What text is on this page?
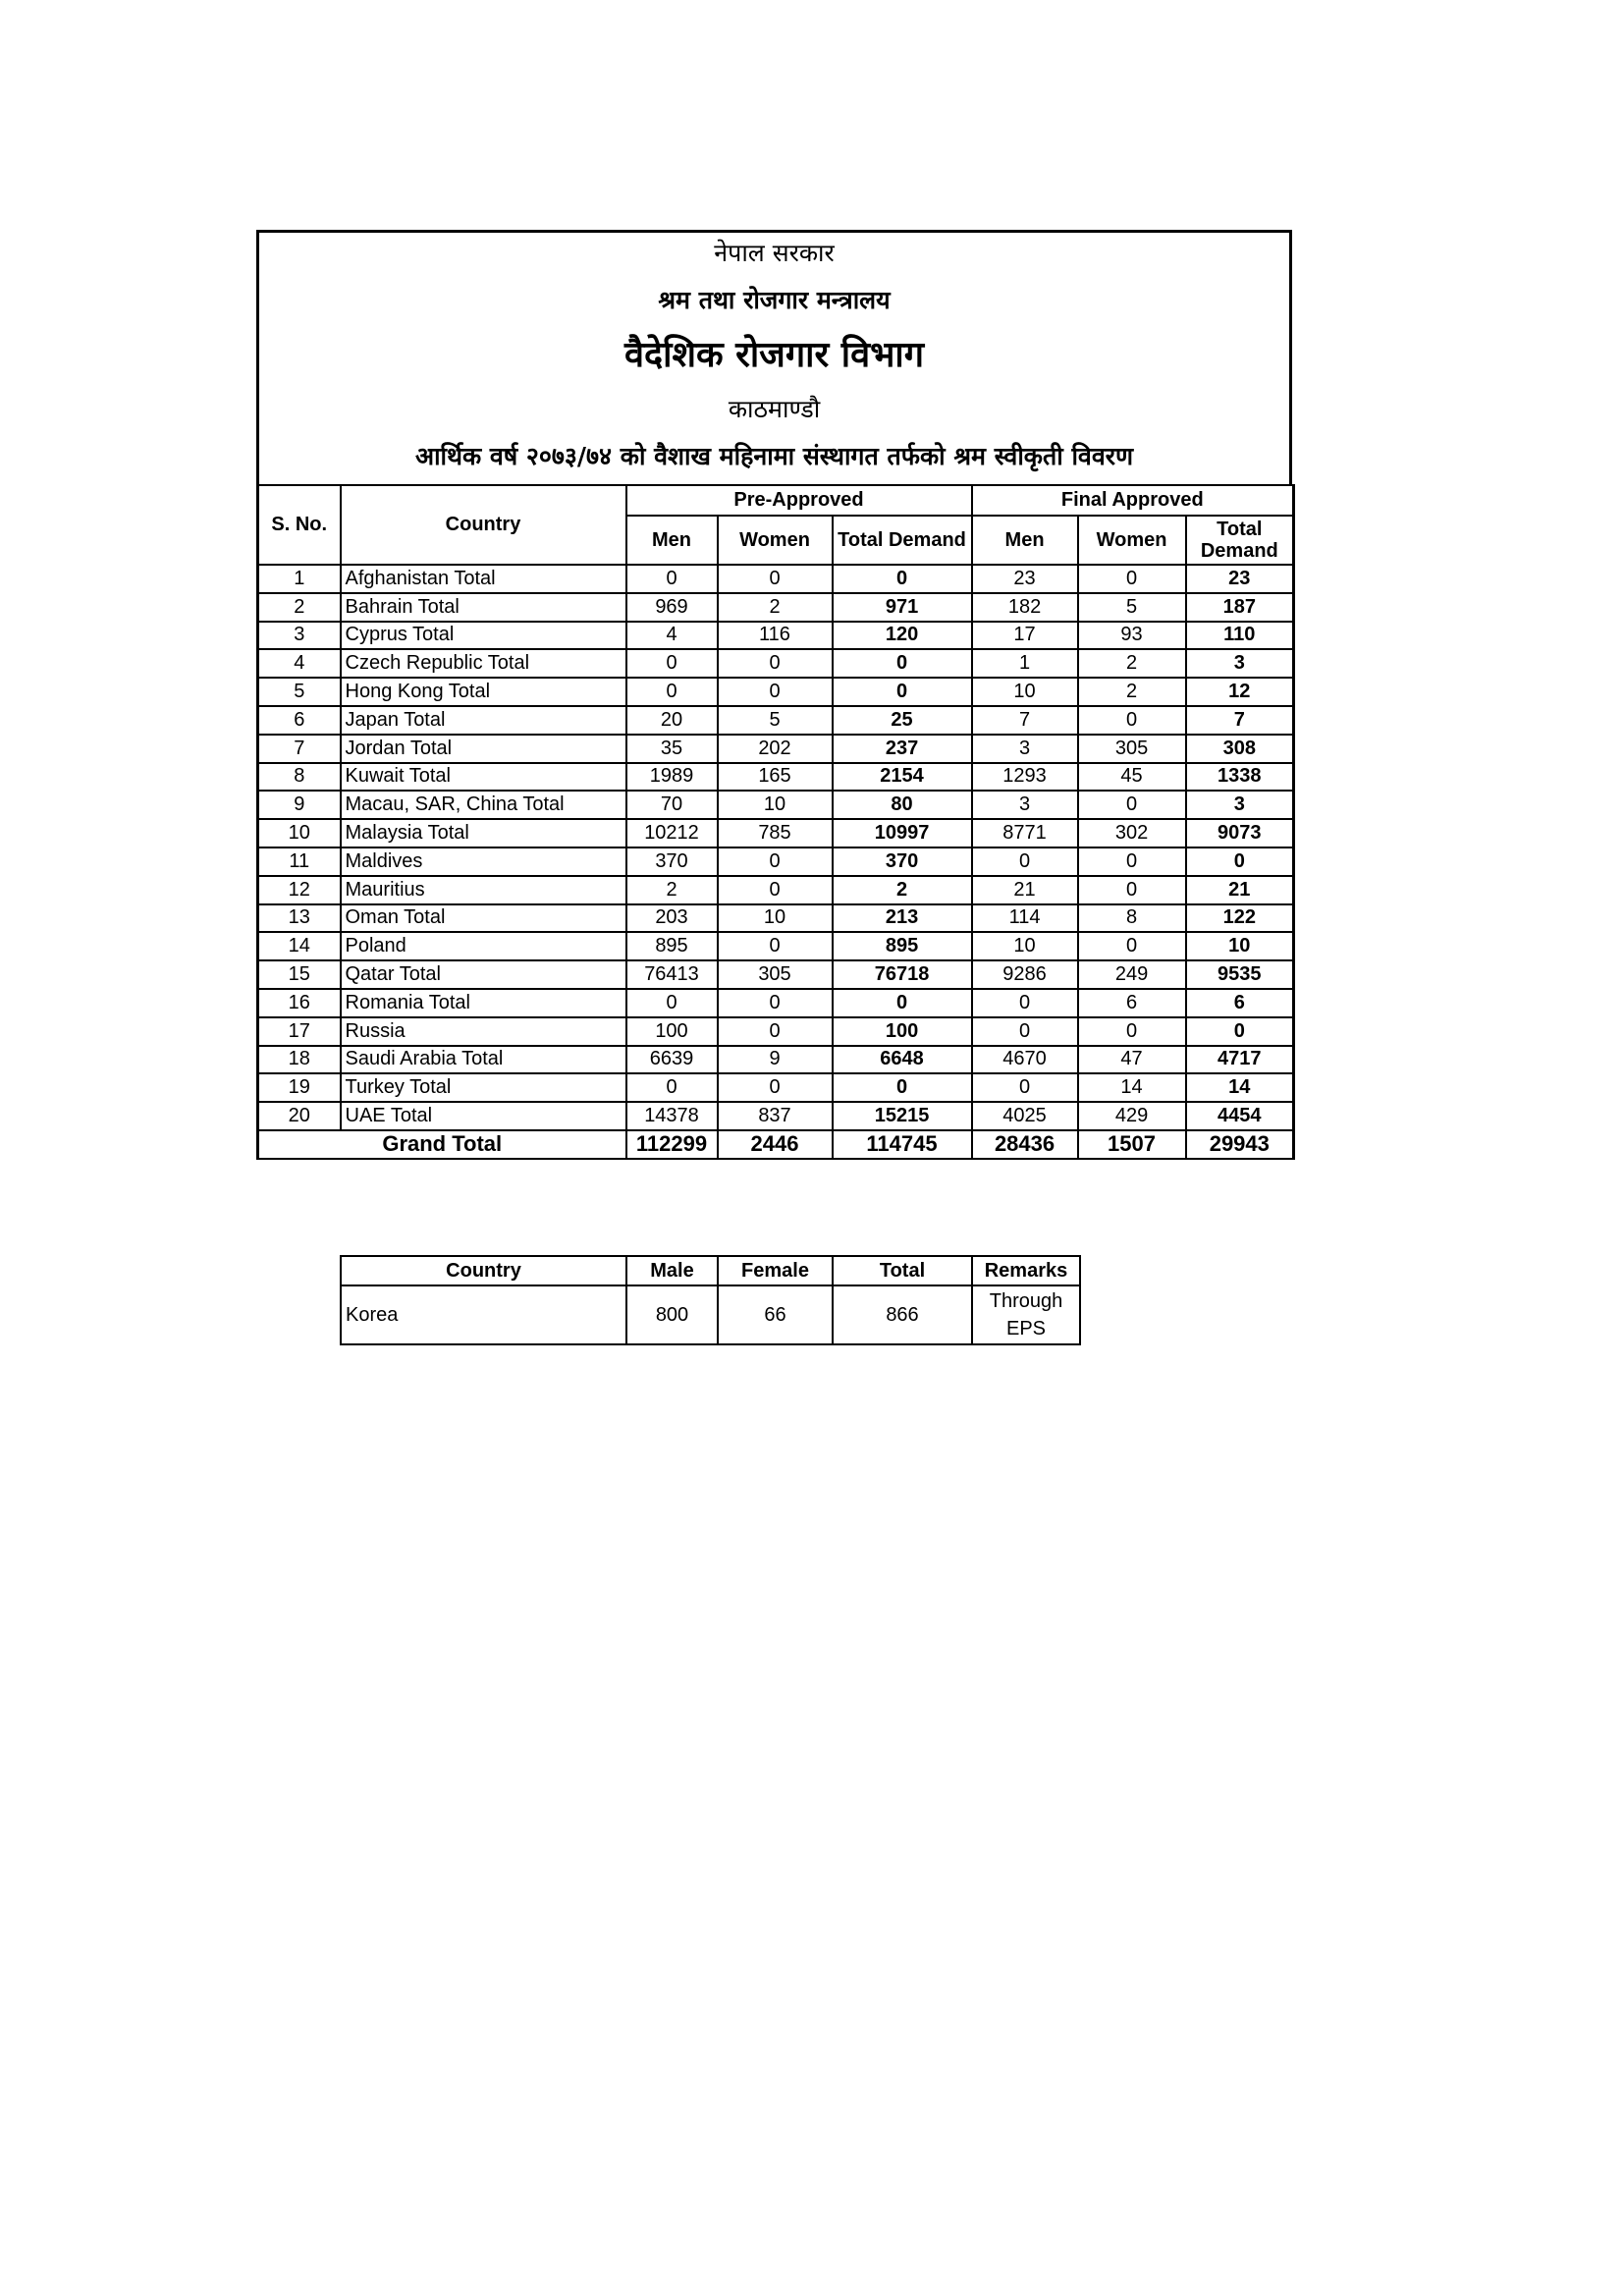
नेपाल सरकार
श्रम तथा रोजगार मन्त्रालय
वैदेशिक रोजगार विभाग
काठमाण्डौ
आर्थिक वर्ष २०७३/७४ को वैशाख महिनामा संस्थागत तर्फको श्रम स्वीकृती विवरण
S. No.	Country	Pre-Approved			Final Approved		
		Men	Women	Total Demand	Men	Women	Total Demand
1	Afghanistan Total	0	0	0	23	0	23
2	Bahrain Total	969	2	971	182	5	187
3	Cyprus Total	4	116	120	17	93	110
4	Czech Republic Total	0	0	0	1	2	3
5	Hong Kong Total	0	0	0	10	2	12
6	Japan Total	20	5	25	7	0	7
7	Jordan Total	35	202	237	3	305	308
8	Kuwait Total	1989	165	2154	1293	45	1338
9	Macau, SAR, China Total	70	10	80	3	0	3
10	Malaysia Total	10212	785	10997	8771	302	9073
11	Maldives	370	0	370	0	0	0
12	Mauritius	2	0	2	21	0	21
13	Oman Total	203	10	213	114	8	122
14	Poland	895	0	895	10	0	10
15	Qatar Total	76413	305	76718	9286	249	9535
16	Romania Total	0	0	0	0	6	6
17	Russia	100	0	100	0	0	0
18	Saudi Arabia Total	6639	9	6648	4670	47	4717
19	Turkey Total	0	0	0	0	14	14
20	UAE Total	14378	837	15215	4025	429	4454
Grand Total		112299	2446	114745	28436	1507	29943
Country	Male	Female	Total	Remarks
Korea	800	66	866	Through EPS
